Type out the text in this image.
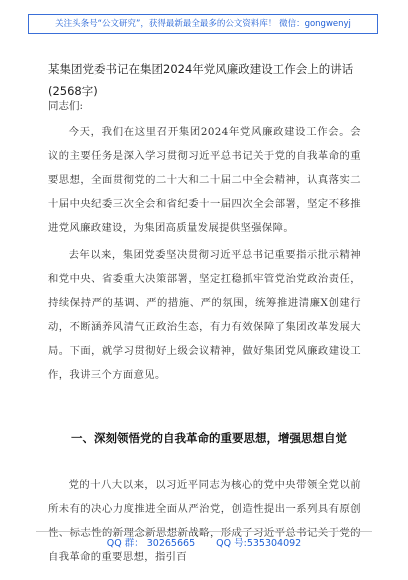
关注头条号“公文研究”，获得最新最全最多的公文资料库！ 微信：gongwenyj
某集团党委书记在集团2024年党风廉政建设工作会上的讲话(2568字)
同志们:
今天，我们在这里召开集团2024年党风廉政建设工作会。会议的主要任务是深入学习贯彻习近平总书记关于党的自我革命的重要思想，全面贯彻党的二十大和二十届二中全会精神，认真落实二十届中央纪委三次全会和省纪委十一届四次全会部署，坚定不移推进党风廉政建设，为集团高质量发展提供坚强保障。
去年以来，集团党委坚决贯彻习近平总书记重要指示批示精神和党中央、省委重大决策部署，坚定扛稳抓牢管党治党政治责任，持续保持严的基调、严的措施、严的氛围，统筹推进清廉X创建行动，不断涵养风清气正政治生态，有力有效保障了集团改革发展大局。下面，就学习贯彻好上级会议精神，做好集团党风廉政建设工作，我讲三个方面意见。
一、深刻领悟党的自我革命的重要思想，增强思想自觉
党的十八大以来，以习近平同志为核心的党中央带领全党以前所未有的决心力度推进全面从严治党，创造性提出一系列具有原创性、标志性的新理念新思想新战略，形成了习近平总书记关于党的自我革命的重要思想，指引百
QQ 群： 30265665 QQ 号:535304092
